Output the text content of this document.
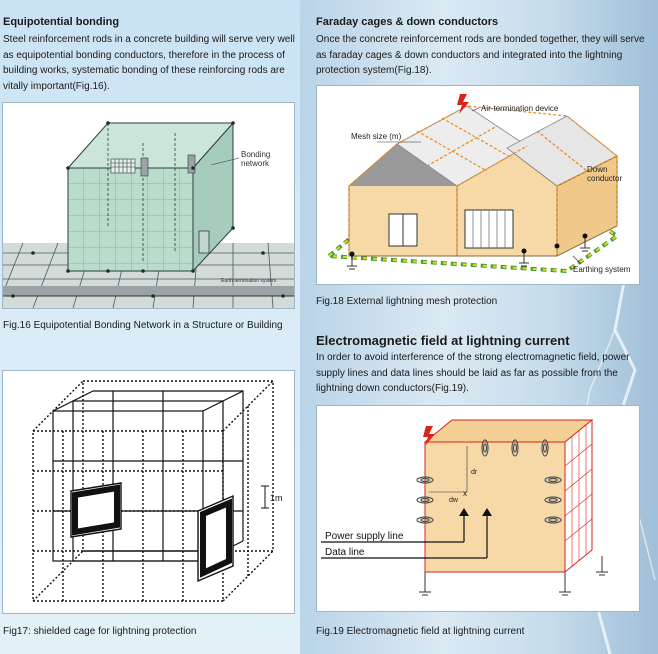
Equipotential bonding
Steel reinforcement rods in a concrete building will serve very well as equipotential bonding conductors, therefore in the process of building works, systematic bonding of these reinforcing rods are vitally important(Fig.16).
Bonding
network
Earth termination system
Fig.16 Equipotential Bonding Network in a Structure or Building
1m
Fig17: shielded cage for lightning protection
Faraday cages & down conductors
Once the concrete reinforcement rods are bonded together, they will serve as faraday cages & down conductors and integrated into the lightning protection system(Fig.18).
Air-termination device
Mesh size (m)
Down
conductor
Earthing system
Fig.18 External lightning mesh protection
Electromagnetic field at lightning current
In order to avoid interference of the strong electromagnetic field, power supply lines and data lines should be laid as far as possible from the lightning down conductors(Fig.19).
dr
dw
x
Power supply line
Data line
Fig.19 Electromagnetic field at lightning current
